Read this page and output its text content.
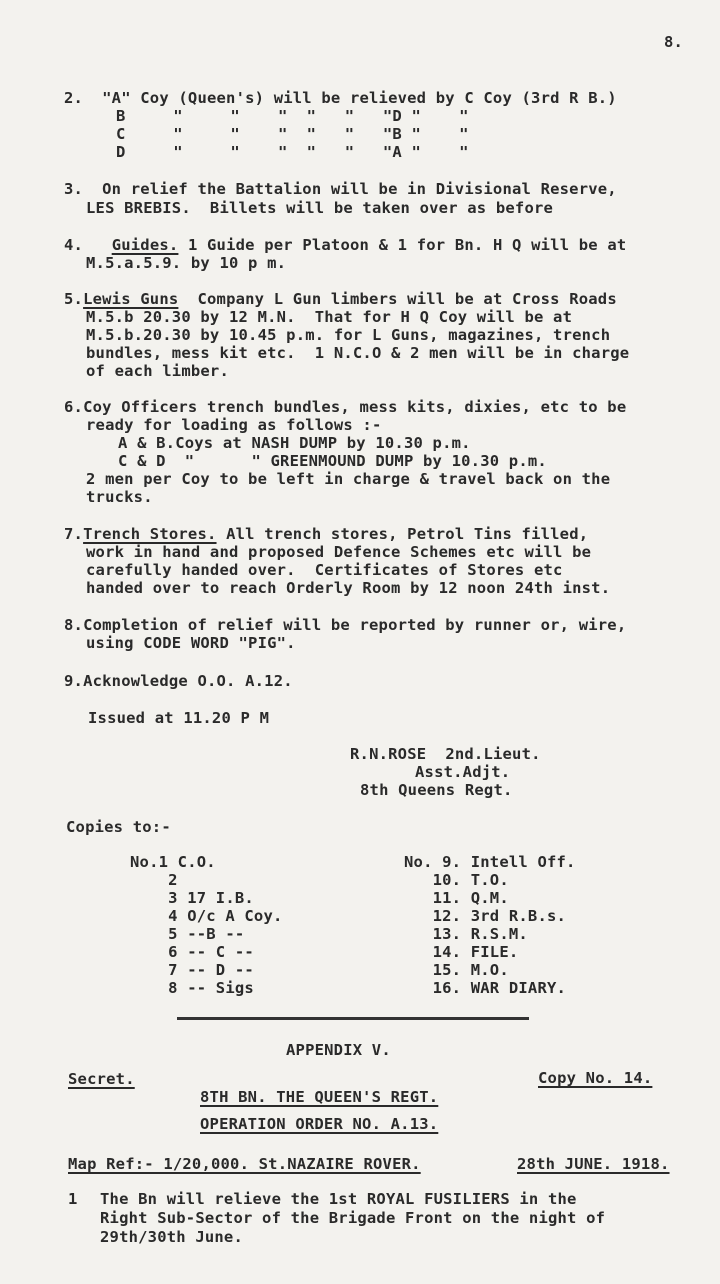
8.
2.  "A" Coy (Queen's) will be relieved by C Coy (3rd R B.)
B     "     "    "  "   "   "D "    "
C     "     "    "  "   "   "B "    "
D     "     "    "  "   "   "A "    "
3.  On relief the Battalion will be in Divisional Reserve,
LES BREBIS.  Billets will be taken over as before
4. Guides. 1 Guide per Platoon & 1 for Bn. H Q will be at
M.5.a.5.9. by 10 p m.
5.Lewis Guns  Company L Gun limbers will be at Cross Roads
M.5.b 20.30 by 12 M.N.  That for H Q Coy will be at
M.5.b.20.30 by 10.45 p.m. for L Guns, magazines, trench
bundles, mess kit etc.  1 N.C.O & 2 men will be in charge
of each limber.
6.Coy Officers trench bundles, mess kits, dixies, etc to be
ready for loading as follows :-
A & B.Coys at NASH DUMP by 10.30 p.m.
C & D  "      " GREENMOUND DUMP by 10.30 p.m.
2 men per Coy to be left in charge & travel back on the
trucks.
7.Trench Stores. All trench stores, Petrol Tins filled,
work in hand and proposed Defence Schemes etc will be
carefully handed over.  Certificates of Stores etc
handed over to reach Orderly Room by 12 noon 24th inst.
8.Completion of relief will be reported by runner or, wire,
using CODE WORD "PIG".
9.Acknowledge O.O. A.12.
Issued at 11.20 P M
R.N.ROSE  2nd.Lieut.
Asst.Adjt.
8th Queens Regt.
Copies to:-
No.1 C.O.
2
3 17 I.B.
4 O/c A Coy.
5 --B --
6 -- C --
7 -- D --
8 -- Sigs
No. 9. Intell Off.
10. T.O.
11. Q.M.
12. 3rd R.B.s.
13. R.S.M.
14. FILE.
15. M.O.
16. WAR DIARY.
APPENDIX V.
Secret.	Copy No. 14.
8TH BN. THE QUEEN'S REGT.
OPERATION ORDER NO. A.13.
Map Ref:- 1/20,000. St.NAZAIRE ROVER.	28th JUNE. 1918.
1 The Bn will relieve the 1st ROYAL FUSILIERS in the
Right Sub-Sector of the Brigade Front on the night of
29th/30th June.
